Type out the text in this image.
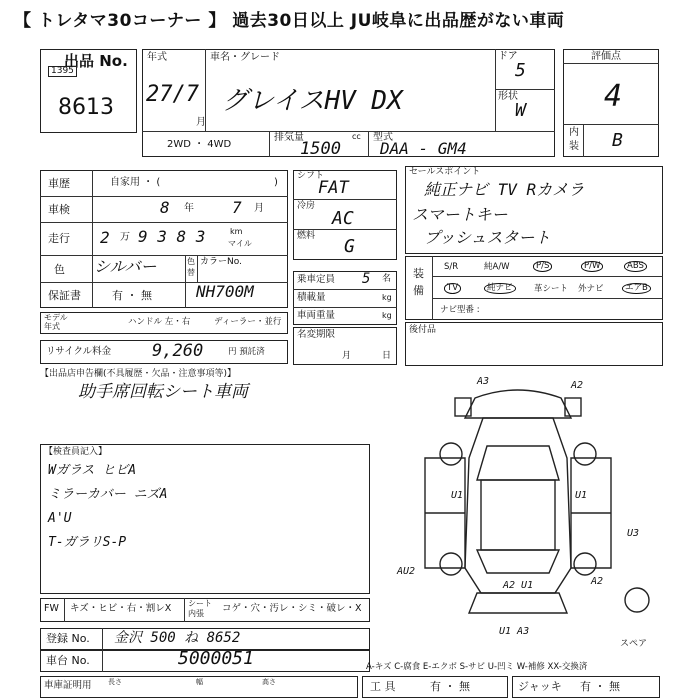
【 トレタマ30コーナー 】 過去30日以上 JU岐阜に出品歴がない車両
出品 No.
1395
8613
年式
27/7
月
車名・グレード
グレイスHV DX
ドア
5
形状
W
2WD ・ 4WD
排気量	cc
1500
型式
DAA - GM4
評価点
4
内
装 B
車歴	自家用 ・ (	)
車検	8 年 7 月
走行 2 万 9 3 8 3	km
マイル
色 シルバー	色
替
カラーNo.
保証書	有 ・ 無	NH700M
モデル
年式	ハンドル 左・右	ディーラー・並行
リサイクル料金 9,260	円 預託済
シフト
FAT
冷房
AC
燃料 G
乗車定員 5 名
積載量	kg
車両重量	kg
名変期限
月	日
セールスポイント
純正ナビ TV Rカメラ
スマートキー
プッシュスタート
装
備
S/R	純A/W	P/S	P/W	ABS
TV	純ナビ	革シート 外ナビ	エアB
ナビ型番 :
後付品
【出品店申告欄(不具履歴・欠品・注意事項等)】
助手席回転シート車両
【検査員記入】
Wガラス ヒビA
ミラーカバー ニズA
A'U
T-ガラリS-P
A3	A2
U1	U1
U3
AU2
A2 U1	A2
U1 A3
スペア
FW キズ・ヒビ・右・割レX シート
内張 コゲ・穴・汚レ・シミ・破レ・X
登録 No. 金沢 500 ね 8652
車台 No.	5000051	A-キズ C-腐食 E-エクボ S-サビ U-凹ミ W-補修 XX-交換済
車庫証明用 長さ	幅	高さ	工 具	有 ・ 無	ジャッキ 有 ・ 無
